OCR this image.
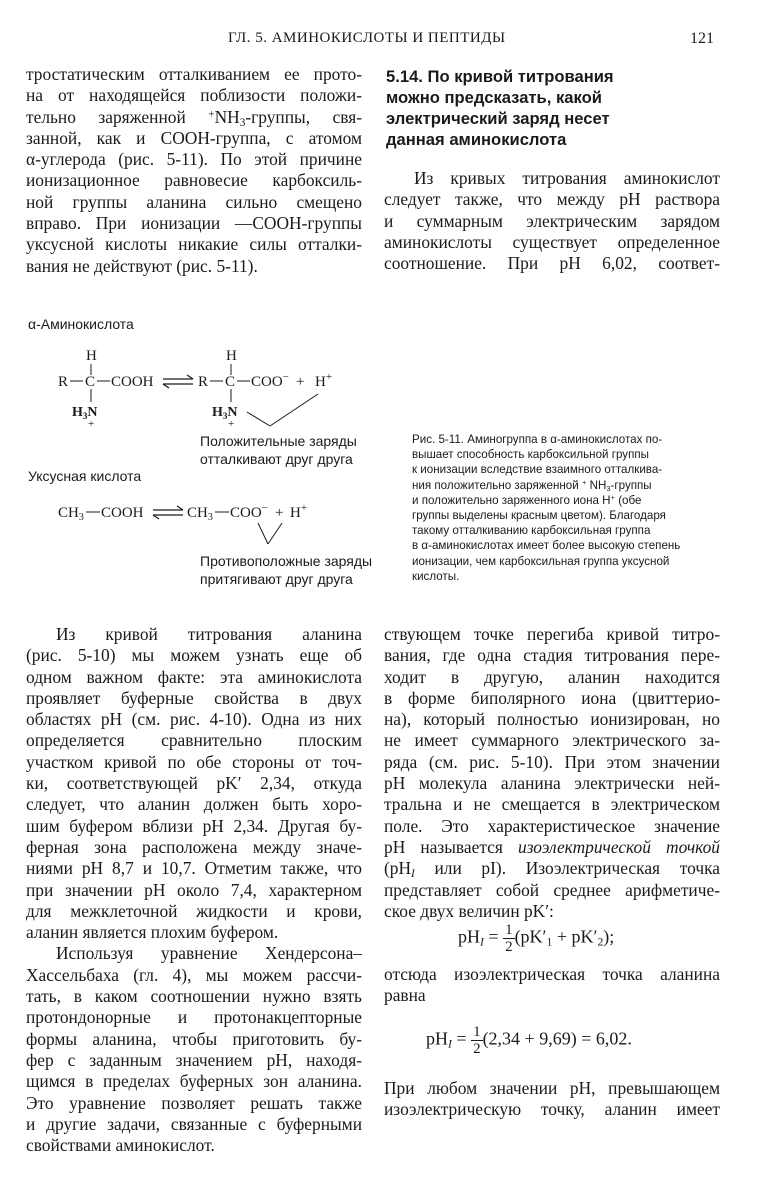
ГЛ. 5. АМИНОКИСЛОТЫ И ПЕПТИДЫ	121

тростатическим отталкиванием ее прото-

на от находящейся поблизости положи-

тельно заряженной $^+NH_3$-группы, свя-

занной, как и COOH-группа, с атомом

α-углерода (рис. 5-11). По этой причине

ионизационное равновесие карбоксиль-

ной группы аланина сильно смещено

вправо. При ионизации —COOH-группы

уксусной кислоты никакие силы отталки-

вания не действуют (рис. 5-11).

5.14. По кривой титрования
можно предсказать, какой
электрический заряд несет
данная аминокислота

Из кривых титрования аминокислот

следует также, что между pH раствора

и суммарным электрическим зарядом

аминокислоты существует определенное

соотношение. При pH 6,02, соответ-

α-Аминокислота
H
R C COOH
$H_3N$
+
H
R C COO− + H+
$H_3N$
+
$CH_3$ COOH	$CH_3$ COO− + H+
Положительные заряды
отталкивают друг друга
Уксусная кислота
Противоположные заряды
притягивают друг друга
Рис. 5-11. Аминогруппа в α-аминокислотах по-
вышает способность карбоксильной группы
к ионизации вследствие взаимного отталкива-
ния положительно заряженной + $NH_3$-группы
и положительно заряженного иона H+ (обе
группы выделены красным цветом). Благодаря
такому отталкиванию карбоксильная группа
в α-аминокислотах имеет более высокую степень
ионизации, чем карбоксильная группа уксусной
кислоты.

Из кривой титрования аланина

(рис. 5-10) мы можем узнать еще об

одном важном факте: эта аминокислота

проявляет буферные свойства в двух

областях pH (см. рис. 4-10). Одна из них

определяется сравнительно плоским

участком кривой по обе стороны от точ-

ки, соответствующей pK′ 2,34, откуда

следует, что аланин должен быть хоро-

шим буфером вблизи pH 2,34. Другая бу-

ферная зона расположена между значе-

ниями pH 8,7 и 10,7. Отметим также, что

при значении pH около 7,4, характерном

для межклеточной жидкости и крови,

аланин является плохим буфером.

Используя уравнение Хендерсона–

Хассельбаха (гл. 4), мы можем рассчи-

тать, в каком соотношении нужно взять

протондонорные и протонакцепторные

формы аланина, чтобы приготовить бу-

фер с заданным значением pH, находя-

щимся в пределах буферных зон аланина.

Это уравнение позволяет решать также

и другие задачи, связанные с буферными

свойствами аминокислот.

ствующем точке перегиба кривой титро-

вания, где одна стадия титрования пере-

ходит в другую, аланин находится

в форме биполярного иона (цвиттерио-

на), который полностью ионизирован, но

не имеет суммарного электрического за-

ряда (см. рис. 5-10). При этом значении

pH молекула аланина электрически ней-

тральна и не смещается в электрическом

поле. Это характеристическое значение

pH называется изоэлектрической точкой

($pH_I$ или pI). Изоэлектрическая точка

представляет собой среднее арифметиче-

ское двух величин pK′:

$pH_I = \frac{1}{2} (pK'_1 + pK'_2)$;

отсюда изоэлектрическая точка аланина

равна

$pH_I = \frac{1}{2} (2,34 + 9,69) = 6,02$.

При любом значении pH, превышающем

изоэлектрическую точку, аланин имеет
